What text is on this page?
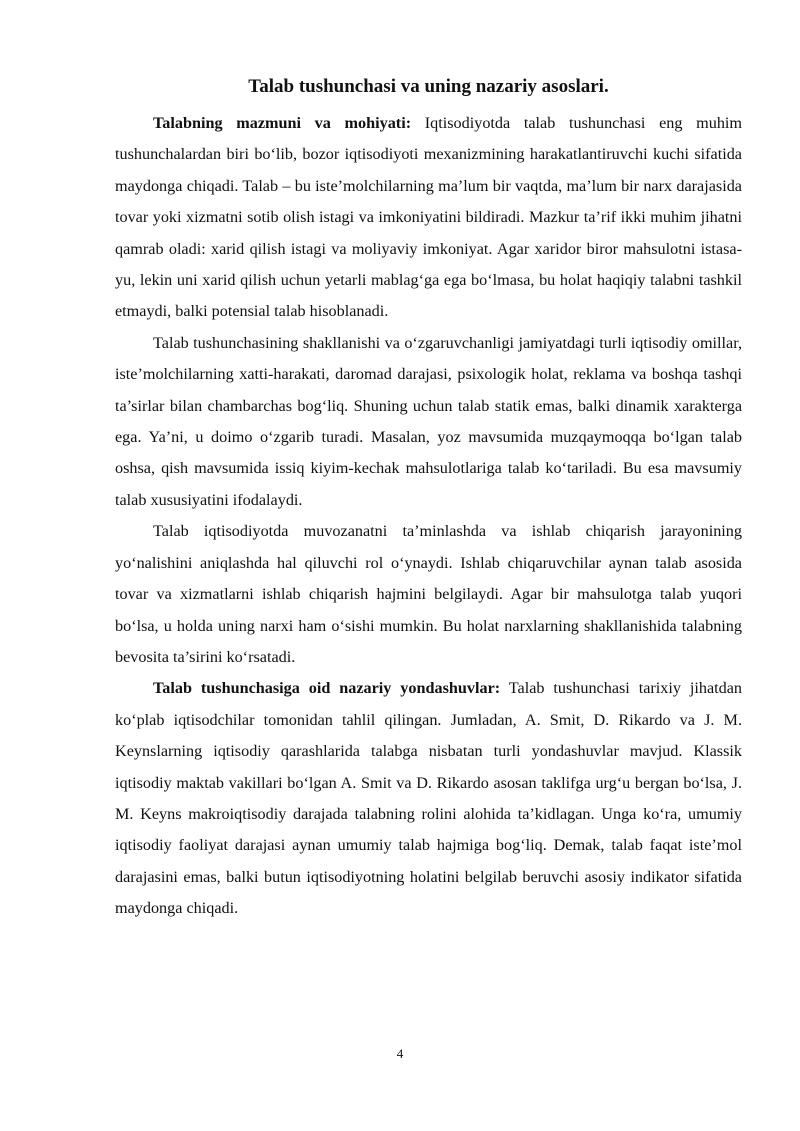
Talab tushunchasi va uning nazariy asoslari.

Talabning mazmuni va mohiyati: Iqtisodiyotda talab tushunchasi eng muhim tushunchalardan biri bo‘lib, bozor iqtisodiyoti mexanizmining harakatlantiruvchi kuchi sifatida maydonga chiqadi. Talab – bu iste’molchilarning ma’lum bir vaqtda, ma’lum bir narx darajasida tovar yoki xizmatni sotib olish istagi va imkoniyatini bildiradi. Mazkur ta’rif ikki muhim jihatni qamrab oladi: xarid qilish istagi va moliyaviy imkoniyat. Agar xaridor biror mahsulotni istasa-yu, lekin uni xarid qilish uchun yetarli mablag‘ga ega bo‘lmasa, bu holat haqiqiy talabni tashkil etmaydi, balki potensial talab hisoblanadi.

Talab tushunchasining shakllanishi va o‘zgaruvchanligi jamiyatdagi turli iqtisodiy omillar, iste’molchilarning xatti-harakati, daromad darajasi, psixologik holat, reklama va boshqa tashqi ta’sirlar bilan chambarchas bog‘liq. Shuning uchun talab statik emas, balki dinamik xarakterga ega. Ya’ni, u doimo o‘zgarib turadi. Masalan, yoz mavsumida muzqaymoqqa bo‘lgan talab oshsa, qish mavsumida issiq kiyim-kechak mahsulotlariga talab ko‘tariladi. Bu esa mavsumiy talab xususiyatini ifodalaydi.

Talab iqtisodiyotda muvozanatni ta’minlashda va ishlab chiqarish jarayonining yo‘nalishini aniqlashda hal qiluvchi rol o‘ynaydi. Ishlab chiqaruvchilar aynan talab asosida tovar va xizmatlarni ishlab chiqarish hajmini belgilaydi. Agar bir mahsulotga talab yuqori bo‘lsa, u holda uning narxi ham o‘sishi mumkin. Bu holat narxlarning shakllanishida talabning bevosita ta’sirini ko‘rsatadi.

Talab tushunchasiga oid nazariy yondashuvlar: Talab tushunchasi tarixiy jihatdan ko‘plab iqtisodchilar tomonidan tahlil qilingan. Jumladan, A. Smit, D. Rikardo va J. M. Keynslarning iqtisodiy qarashlarida talabga nisbatan turli yondashuvlar mavjud. Klassik iqtisodiy maktab vakillari bo‘lgan A. Smit va D. Rikardo asosan taklifga urg‘u bergan bo‘lsa, J. M. Keyns makroiqtisodiy darajada talabning rolini alohida ta’kidlagan. Unga ko‘ra, umumiy iqtisodiy faoliyat darajasi aynan umumiy talab hajmiga bog‘liq. Demak, talab faqat iste’mol darajasini emas, balki butun iqtisodiyotning holatini belgilab beruvchi asosiy indikator sifatida maydonga chiqadi.

4
